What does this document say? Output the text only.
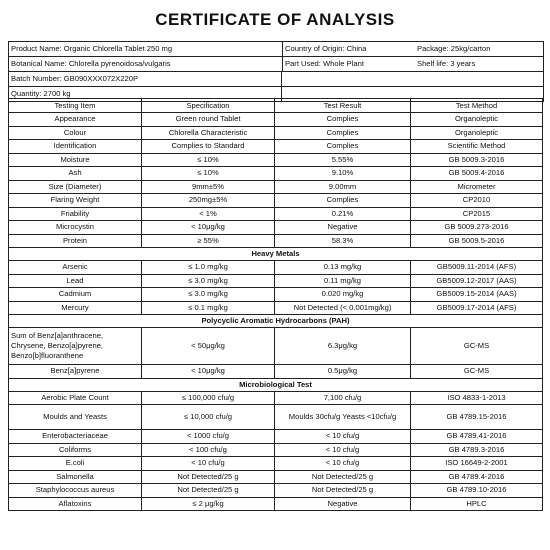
CERTIFICATE OF ANALYSIS
Product Name: Organic Chlorella Tablet 250 mg	Country of Origin: China	Package: 25kg/carton
Botanical Name: Chlorella pyrenoidosa/vulgaris	Part Used: Whole Plant	Shelf life: 3 years
Batch Number: GB090XXX072X220P
Quantity: 2700 kg
Testing Item	Specification	Test Result	Test Method
Appearance	Green round Tablet	Complies	Organoleptic
Colour	Chlorella Characteristic	Complies	Organoleptic
Identification	Complies to Standard	Complies	Scientific Method
Moisture	≤ 10%	5.55%	GB 5009.3-2016
Ash	≤ 10%	9.10%	GB 5009.4-2016
Size (Diameter)	9mm±5%	9.00mm	Micrometer
Flaring Weight	250mg±5%	Complies	CP2010
Friability	< 1%	0.21%	CP2015
Microcystin	< 10μg/kg	Negative	GB 5009.273-2016
Protein	≥ 55%	58.3%	GB 5009.5-2016
Heavy Metals			
Arsenic	≤ 1.0 mg/kg	0.13 mg/kg	GB5009.11-2014 (AFS)
Lead	≤ 3.0 mg/kg	0.11 mg/kg	GB5009.12-2017 (AAS)
Cadmium	≤ 3.0 mg/kg	0.020 mg/kg	GB5009.15-2014 (AAS)
Mercury	≤ 0.1 mg/kg	Not Detected (< 0.001mg/kg)	GB5009.17-2014 (AFS)
Polycyclic Aromatic Hydrocarbons (PAH)			
Sum of Benz[a]anthracene, Chrysene, Benzo[a]pyrene, Benzo[b]fluoranthene	< 50μg/kg	6.3μg/kg	GC-MS
Benz[a]pyrene	< 10μg/kg	0.5μg/kg	GC-MS
Microbiological Test			
Aerobic Plate Count	≤ 100,000 cfu/g	7,100 cfu/g	ISO 4833-1-2013
Moulds and Yeasts	≤ 10,000 cfu/g	Moulds 30cfu/g Yeasts <10cfu/g	GB 4789.15-2016
Enterobacteriaceae	< 1000 cfu/g	< 10 cfu/g	GB 4789.41-2016
Coliforms	< 100 cfu/g	< 10 cfu/g	GB 4789.3-2016
E.coli	< 10 cfu/g	< 10 cfu/g	ISO 16649-2-2001
Salmonella	Not Detected/25 g	Not Detected/25 g	GB 4789.4-2016
Staphylococcus aureus	Not Detected/25 g	Not Detected/25 g	GB 4789.10-2016
Aflatoxins	≤ 2 μg/kg	Negative	HPLC
